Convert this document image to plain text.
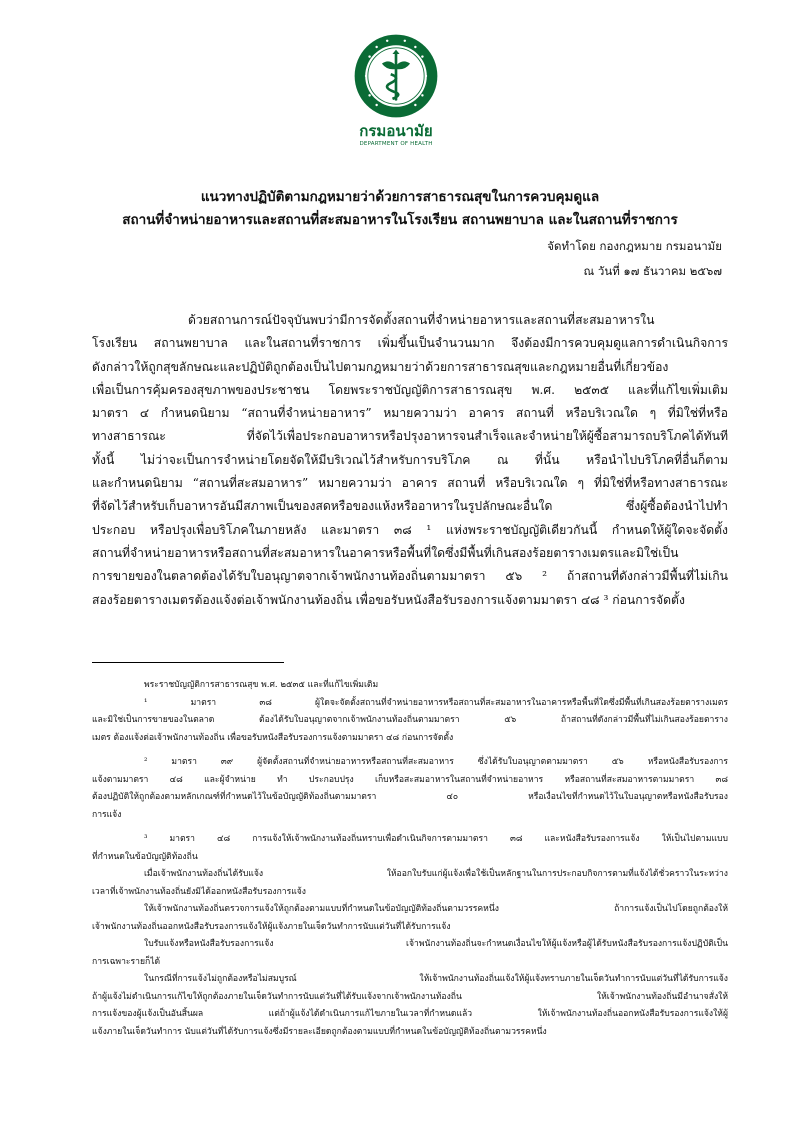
กรมอนามัย
DEPARTMENT OF HEALTH
แนวทางปฏิบัติตามกฎหมายว่าด้วยการสาธารณสุขในการควบคุมดูแล
สถานที่จำหน่ายอาหารและสถานที่สะสมอาหารในโรงเรียน สถานพยาบาล และในสถานที่ราชการ
จัดทำโดย กองกฎหมาย กรมอนามัย
ณ วันที่ ๑๗ ธันวาคม ๒๕๖๗
ด้วยสถานการณ์ปัจจุบันพบว่ามีการจัดตั้งสถานที่จำหน่ายอาหารและสถานที่สะสมอาหารใน
โรงเรียน สถานพยาบาล และในสถานที่ราชการ เพิ่มขึ้นเป็นจำนวนมาก จึงต้องมีการควบคุมดูแลการดำเนินกิจการ
ดังกล่าวให้ถูกสุขลักษณะและปฏิบัติถูกต้องเป็นไปตามกฎหมายว่าด้วยการสาธารณสุขและกฎหมายอื่นที่เกี่ยวข้อง
เพื่อเป็นการคุ้มครองสุขภาพของประชาชน โดยพระราชบัญญัติการสาธารณสุข พ.ศ. ๒๕๓๕ และที่แก้ไขเพิ่มเติม
มาตรา ๔ กำหนดนิยาม “สถานที่จำหน่ายอาหาร” หมายความว่า อาคาร สถานที่ หรือบริเวณใด ๆ ที่มิใช่ที่หรือ
ทางสาธารณะ ที่จัดไว้เพื่อประกอบอาหารหรือปรุงอาหารจนสำเร็จและจำหน่ายให้ผู้ซื้อสามารถบริโภคได้ทันที
ทั้งนี้ ไม่ว่าจะเป็นการจำหน่ายโดยจัดให้มีบริเวณไว้สำหรับการบริโภค ณ ที่นั้น หรือนำไปบริโภคที่อื่นก็ตาม
และกำหนดนิยาม “สถานที่สะสมอาหาร” หมายความว่า อาคาร สถานที่ หรือบริเวณใด ๆ ที่มิใช่ที่หรือทางสาธารณะ
ที่จัดไว้สำหรับเก็บอาหารอันมีสภาพเป็นของสดหรือของแห้งหรืออาหารในรูปลักษณะอื่นใด ซึ่งผู้ซื้อต้องนำไปทำ
ประกอบ หรือปรุงเพื่อบริโภคในภายหลัง และมาตรา ๓๘ ¹ แห่งพระราชบัญญัติเดียวกันนี้ กำหนดให้ผู้ใดจะจัดตั้ง
สถานที่จำหน่ายอาหารหรือสถานที่สะสมอาหารในอาคารหรือพื้นที่ใดซึ่งมีพื้นที่เกินสองร้อยตารางเมตรและมิใช่เป็น
การขายของในตลาดต้องได้รับใบอนุญาตจากเจ้าพนักงานท้องถิ่นตามมาตรา ๕๖ ² ถ้าสถานที่ดังกล่าวมีพื้นที่ไม่เกิน
สองร้อยตารางเมตรต้องแจ้งต่อเจ้าพนักงานท้องถิ่น เพื่อขอรับหนังสือรับรองการแจ้งตามมาตรา ๔๘ ³ ก่อนการจัดตั้ง
พระราชบัญญัติการสาธารณสุข พ.ศ. ๒๕๓๕ และที่แก้ไขเพิ่มเติม
¹ มาตรา ๓๘ ผู้ใดจะจัดตั้งสถานที่จำหน่ายอาหารหรือสถานที่สะสมอาหารในอาคารหรือพื้นที่ใดซึ่งมีพื้นที่เกินสองร้อยตารางเมตร
และมิใช่เป็นการขายของในตลาด ต้องได้รับใบอนุญาตจากเจ้าพนักงานท้องถิ่นตามมาตรา ๕๖ ถ้าสถานที่ดังกล่าวมีพื้นที่ไม่เกินสองร้อยตาราง
เมตร ต้องแจ้งต่อเจ้าพนักงานท้องถิ่น เพื่อขอรับหนังสือรับรองการแจ้งตามมาตรา ๔๘ ก่อนการจัดตั้ง
² มาตรา ๓๙ ผู้จัดตั้งสถานที่จำหน่ายอาหารหรือสถานที่สะสมอาหาร ซึ่งได้รับใบอนุญาตตามมาตรา ๕๖ หรือหนังสือรับรองการ
แจ้งตามมาตรา ๔๘ และผู้จำหน่าย ทำ ประกอบปรุง เก็บหรือสะสมอาหารในสถานที่จำหน่ายอาหาร หรือสถานที่สะสมอาหารตามมาตรา ๓๘
ต้องปฏิบัติให้ถูกต้องตามหลักเกณฑ์ที่กำหนดไว้ในข้อบัญญัติท้องถิ่นตามมาตรา ๔๐ หรือเงื่อนไขที่กำหนดไว้ในใบอนุญาตหรือหนังสือรับรอง
การแจ้ง
³ มาตรา ๔๘ การแจ้งให้เจ้าพนักงานท้องถิ่นทราบเพื่อดำเนินกิจการตามมาตรา ๓๘ และหนังสือรับรองการแจ้ง ให้เป็นไปตามแบบ
ที่กำหนดในข้อบัญญัติท้องถิ่น
เมื่อเจ้าพนักงานท้องถิ่นได้รับแจ้ง ให้ออกใบรับแก่ผู้แจ้งเพื่อใช้เป็นหลักฐานในการประกอบกิจการตามที่แจ้งได้ชั่วคราวในระหว่าง
เวลาที่เจ้าพนักงานท้องถิ่นยังมิได้ออกหนังสือรับรองการแจ้ง
ให้เจ้าพนักงานท้องถิ่นตรวจการแจ้งให้ถูกต้องตามแบบที่กำหนดในข้อบัญญัติท้องถิ่นตามวรรคหนึ่ง ถ้าการแจ้งเป็นไปโดยถูกต้องให้
เจ้าพนักงานท้องถิ่นออกหนังสือรับรองการแจ้งให้ผู้แจ้งภายในเจ็ดวันทำการนับแต่วันที่ได้รับการแจ้ง
ใบรับแจ้งหรือหนังสือรับรองการแจ้ง เจ้าพนักงานท้องถิ่นจะกำหนดเงื่อนไขให้ผู้แจ้งหรือผู้ได้รับหนังสือรับรองการแจ้งปฏิบัติเป็น
การเฉพาะรายก็ได้
ในกรณีที่การแจ้งไม่ถูกต้องหรือไม่สมบูรณ์ ให้เจ้าพนักงานท้องถิ่นแจ้งให้ผู้แจ้งทราบภายในเจ็ดวันทำการนับแต่วันที่ได้รับการแจ้ง
ถ้าผู้แจ้งไม่ดำเนินการแก้ไขให้ถูกต้องภายในเจ็ดวันทำการนับแต่วันที่ได้รับแจ้งจากเจ้าพนักงานท้องถิ่น ให้เจ้าพนักงานท้องถิ่นมีอำนาจสั่งให้
การแจ้งของผู้แจ้งเป็นอันสิ้นผล แต่ถ้าผู้แจ้งได้ดำเนินการแก้ไขภายในเวลาที่กำหนดแล้ว ให้เจ้าพนักงานท้องถิ่นออกหนังสือรับรองการแจ้งให้ผู้
แจ้งภายในเจ็ดวันทำการ นับแต่วันที่ได้รับการแจ้งซึ่งมีรายละเอียดถูกต้องตามแบบที่กำหนดในข้อบัญญัติท้องถิ่นตามวรรคหนึ่ง
